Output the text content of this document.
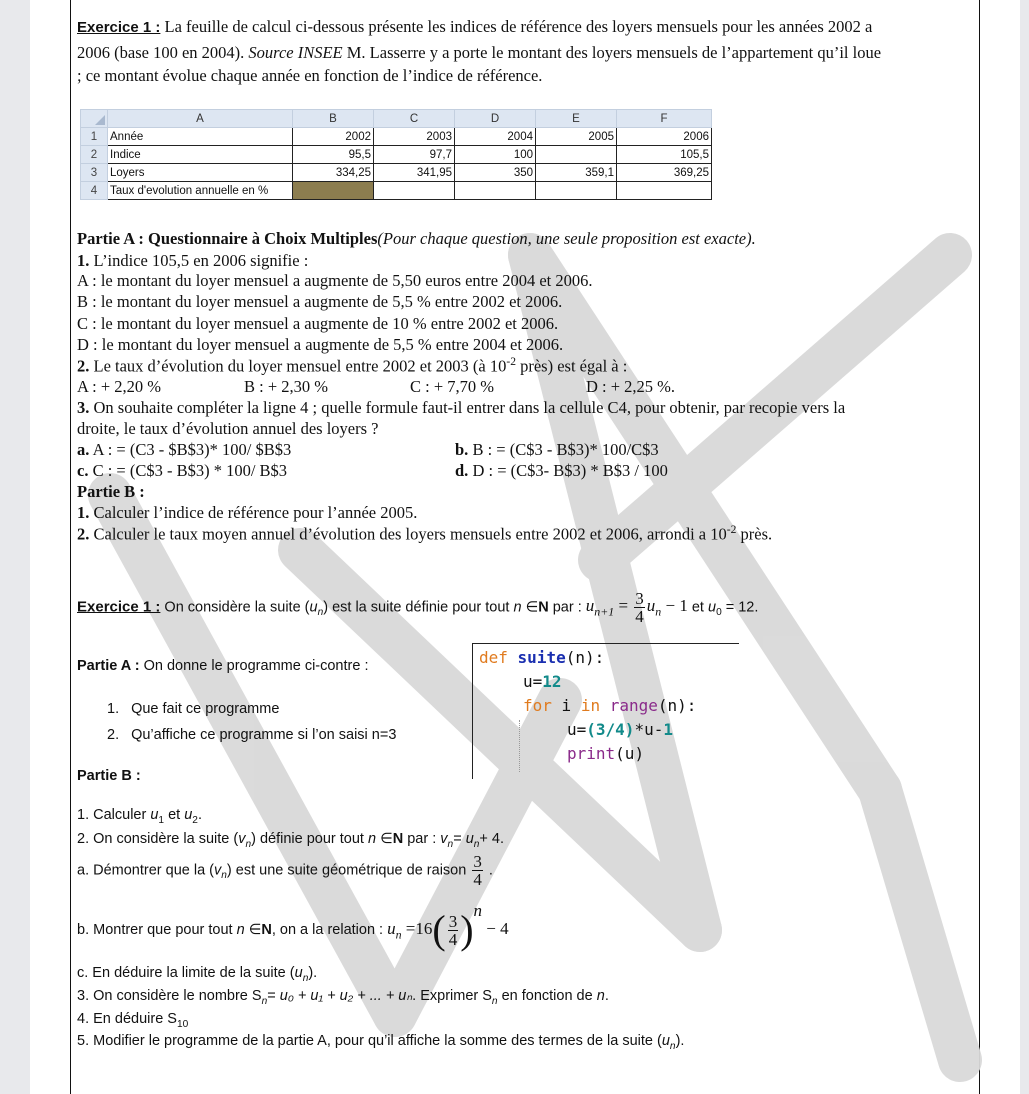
Exercice 1 : La feuille de calcul ci-dessous présente les indices de référence des loyers mensuels pour les années 2002 a
2006 (base 100 en 2004). Source INSEE M. Lasserre y a porte le montant des loyers mensuels de l’appartement qu’il loue
; ce montant évolue chaque année en fonction de l’indice de référence.
	A	B	C	D	E	F
1	Année	2002	2003	2004	2005	2006
2	Indice	95,5	97,7	100		105,5
3	Loyers	334,25	341,95	350	359,1	369,25
4	Taux d'evolution annuelle en %					
Partie A : Questionnaire à Choix Multiples(Pour chaque question, une seule proposition est exacte).
1. L’indice 105,5 en 2006 signifie :
A : le montant du loyer mensuel a augmente de 5,50 euros entre 2004 et 2006.
B : le montant du loyer mensuel a augmente de 5,5 % entre 2002 et 2006.
C : le montant du loyer mensuel a augmente de 10 % entre 2002 et 2006.
D : le montant du loyer mensuel a augmente de 5,5 % entre 2004 et 2006.
2. Le taux d’évolution du loyer mensuel entre 2002 et 2003 (à $10^{-2}$ près) est égal à :
A : + 2,20 %	B : + 2,30 %	C : + 7,70 %	D : + 2,25 %.
3. On souhaite compléter la ligne 4 ; quelle formule faut-il entrer dans la cellule C4, pour obtenir, par recopie vers la
droite, le taux d’évolution annuel des loyers ?
a. A : = (C3 - $B$3)* 100/ $B$3	b. B : = (C$3 - B$3)* 100/C$3
c. C : = (C$3 - B$3) * 100/ B$3	d. D : = (C$3- B$3) * B$3 / 100
Partie B :
1. Calculer l’indice de référence pour l’année 2005.
2. Calculer le taux moyen annuel d’évolution des loyers mensuels entre 2002 et 2006, arrondi a $10^{-2}$ près.
Exercice 1 : On considère la suite $(u_n)$ est la suite définie pour tout n ∈N par : $u_{n+1} = \frac{3}{4} u_n - 1$ et $u_0 = 12$.
Partie A : On donne le programme ci-contre :
1. Que fait ce programme
2. Qu’affiche ce programme si l’on saisi n=3
def suite(n):
u=12
for i in range(n):
u=(3/4)*u-1
print(u)
Partie B :
1. Calculer $u_1$ et $u_2$.
2. On considère la suite $(v_n)$ définie pour tout n ∈N par : $v_n= u_n+ 4$.
a. Démontrer que la $(v_n)$ est une suite géométrique de raison $\frac{3}{4}$ .
b. Montrer que pour tout n ∈N, on a la relation : $u_n =16( \frac{3}{4} )^n - 4$
c. En déduire la limite de la suite $(u_n)$.
3. On considère le nombre $S_n= u_0 + u_1 + u_2$ + ... + uₙ. Exprimer $S_n$ en fonction de n.
4. En déduire $S_{10}$
5. Modifier le programme de la partie A, pour qu’il affiche la somme des termes de la suite $(u_n)$.
